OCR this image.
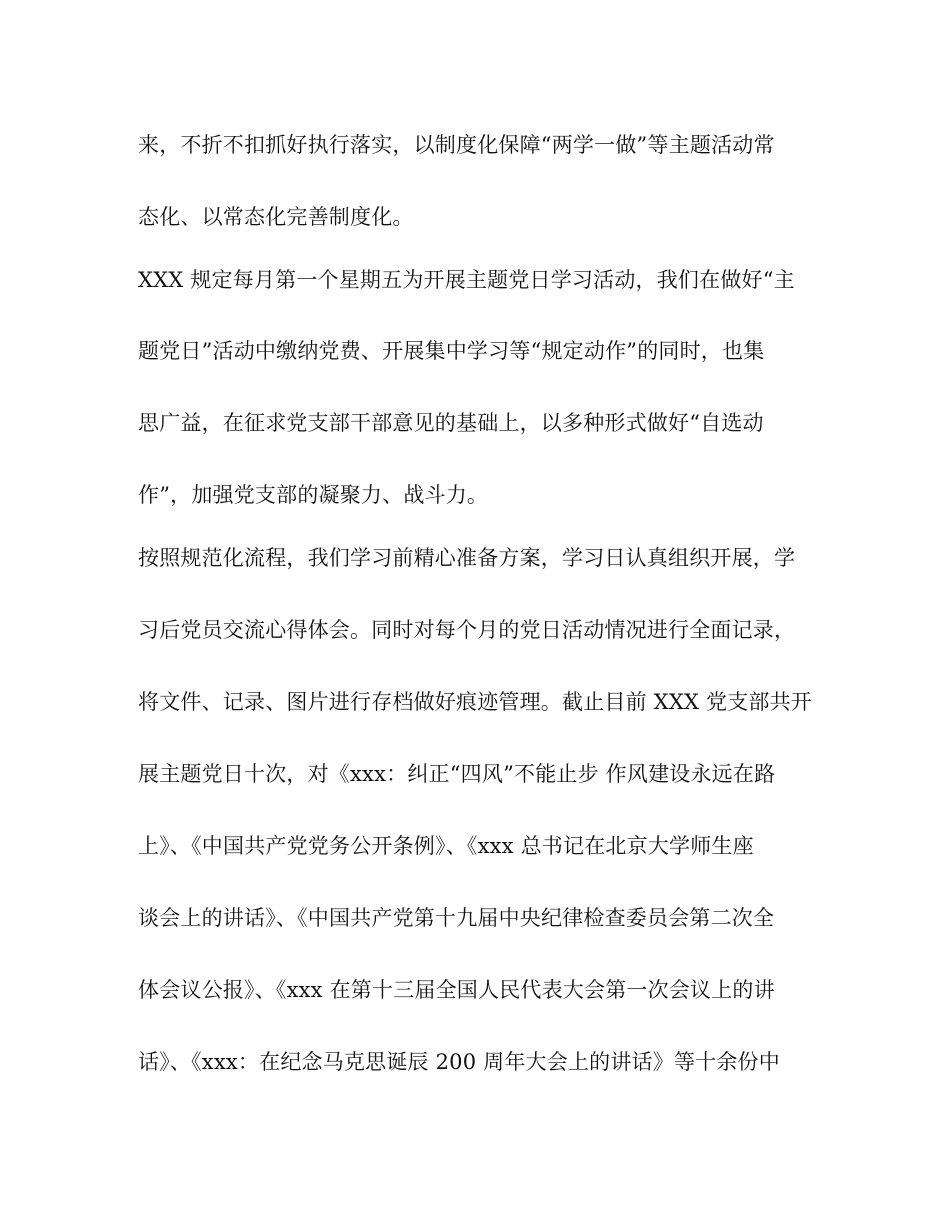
来，不折不扣抓好执行落实，以制度化保障“两学一做”等主题活动常

态化、以常态化完善制度化。

XXX 规定每月第一个星期五为开展主题党日学习活动，我们在做好“主

题党日”活动中缴纳党费、开展集中学习等“规定动作”的同时，也集

思广益，在征求党支部干部意见的基础上，以多种形式做好“自选动

作”，加强党支部的凝聚力、战斗力。

按照规范化流程，我们学习前精心准备方案，学习日认真组织开展，学

习后党员交流心得体会。同时对每个月的党日活动情况进行全面记录，

将文件、记录、图片进行存档做好痕迹管理。截止目前 XXX 党支部共开

展主题党日十次，对《xxx：纠正“四风”不能止步 作风建设永远在路

上》、《中国共产党党务公开条例》、《xxx 总书记在北京大学师生座

谈会上的讲话》、《中国共产党第十九届中央纪律检查委员会第二次全

体会议公报》、《xxx 在第十三届全国人民代表大会第一次会议上的讲

话》、《xxx：在纪念马克思诞辰 200 周年大会上的讲话》等十余份中
